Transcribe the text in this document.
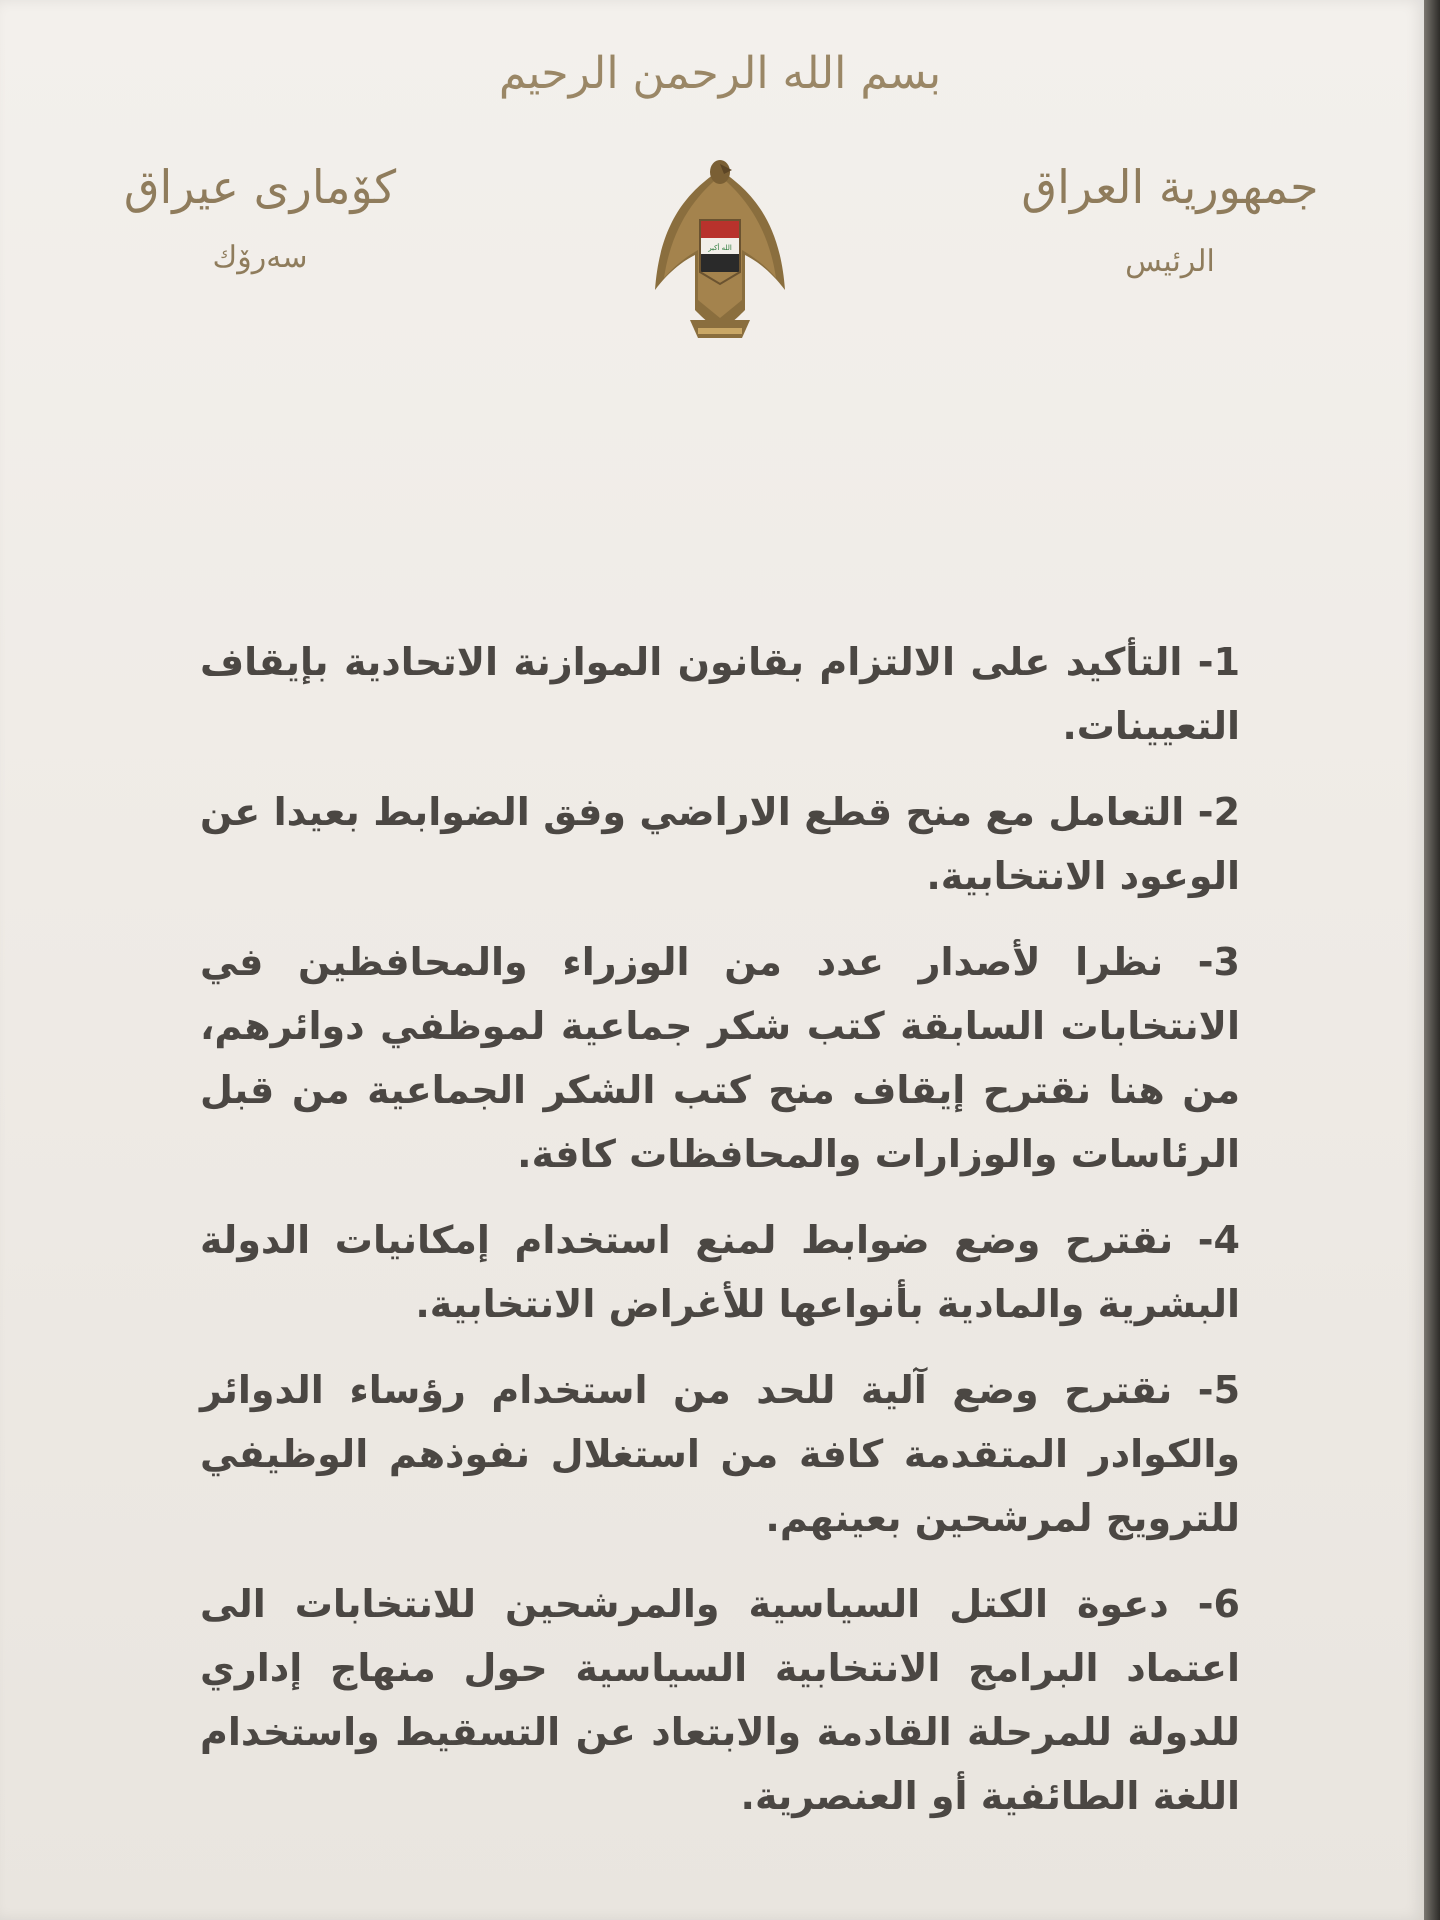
بسم الله الرحمن الرحيم
جمهورية العراق
الرئيس
كۆماری عیراق
سەرۆك	الله أكبر

1- التأكيد على الالتزام بقانون الموازنة الاتحادية بإيقاف التعيينات.

2- التعامل مع منح قطع الاراضي وفق الضوابط بعيدا عن الوعود الانتخابية.

3- نظرا لأصدار عدد من الوزراء والمحافظين في الانتخابات السابقة كتب شكر جماعية لموظفي دوائرهم، من هنا نقترح إيقاف منح كتب الشكر الجماعية من قبل الرئاسات والوزارات والمحافظات كافة.

4- نقترح وضع ضوابط لمنع استخدام إمكانيات الدولة البشرية والمادية بأنواعها للأغراض الانتخابية.

5- نقترح وضع آلية للحد من استخدام رؤساء الدوائر والكوادر المتقدمة كافة من استغلال نفوذهم الوظيفي للترويج لمرشحين بعينهم.

6- دعوة الكتل السياسية والمرشحين للانتخابات الى اعتماد البرامج الانتخابية السياسية حول منهاج إداري للدولة للمرحلة القادمة والابتعاد عن التسقيط واستخدام اللغة الطائفية أو العنصرية.
